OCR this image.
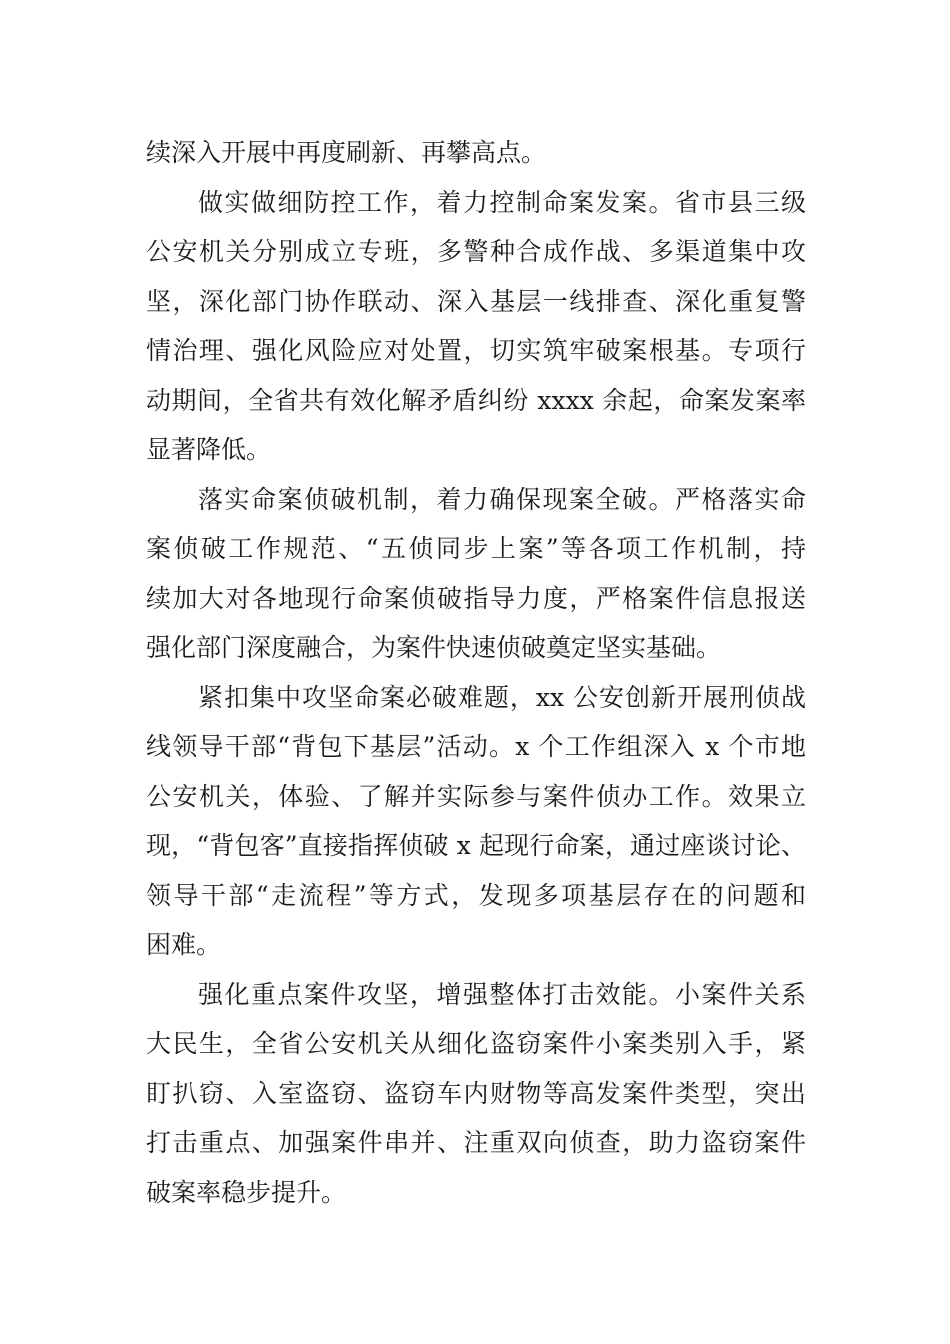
续深入开展中再度刷新、再攀高点。
做实做细防控工作，着力控制命案发案。省市县三级
公安机关分别成立专班，多警种合成作战、多渠道集中攻
坚，深化部门协作联动、深入基层一线排查、深化重复警
情治理、强化风险应对处置，切实筑牢破案根基。专项行
动期间，全省共有效化解矛盾纠纷 xxxx 余起，命案发案率
显著降低。
落实命案侦破机制，着力确保现案全破。严格落实命
案侦破工作规范、“五侦同步上案”等各项工作机制，持
续加大对各地现行命案侦破指导力度，严格案件信息报送
强化部门深度融合，为案件快速侦破奠定坚实基础。
紧扣集中攻坚命案必破难题，xx 公安创新开展刑侦战
线领导干部“背包下基层”活动。x 个工作组深入 x 个市地
公安机关，体验、了解并实际参与案件侦办工作。效果立
现，“背包客”直接指挥侦破 x 起现行命案，通过座谈讨论、
领导干部“走流程”等方式，发现多项基层存在的问题和
困难。
强化重点案件攻坚，增强整体打击效能。小案件关系
大民生，全省公安机关从细化盗窃案件小案类别入手，紧
盯扒窃、入室盗窃、盗窃车内财物等高发案件类型，突出
打击重点、加强案件串并、注重双向侦查，助力盗窃案件
破案率稳步提升。
